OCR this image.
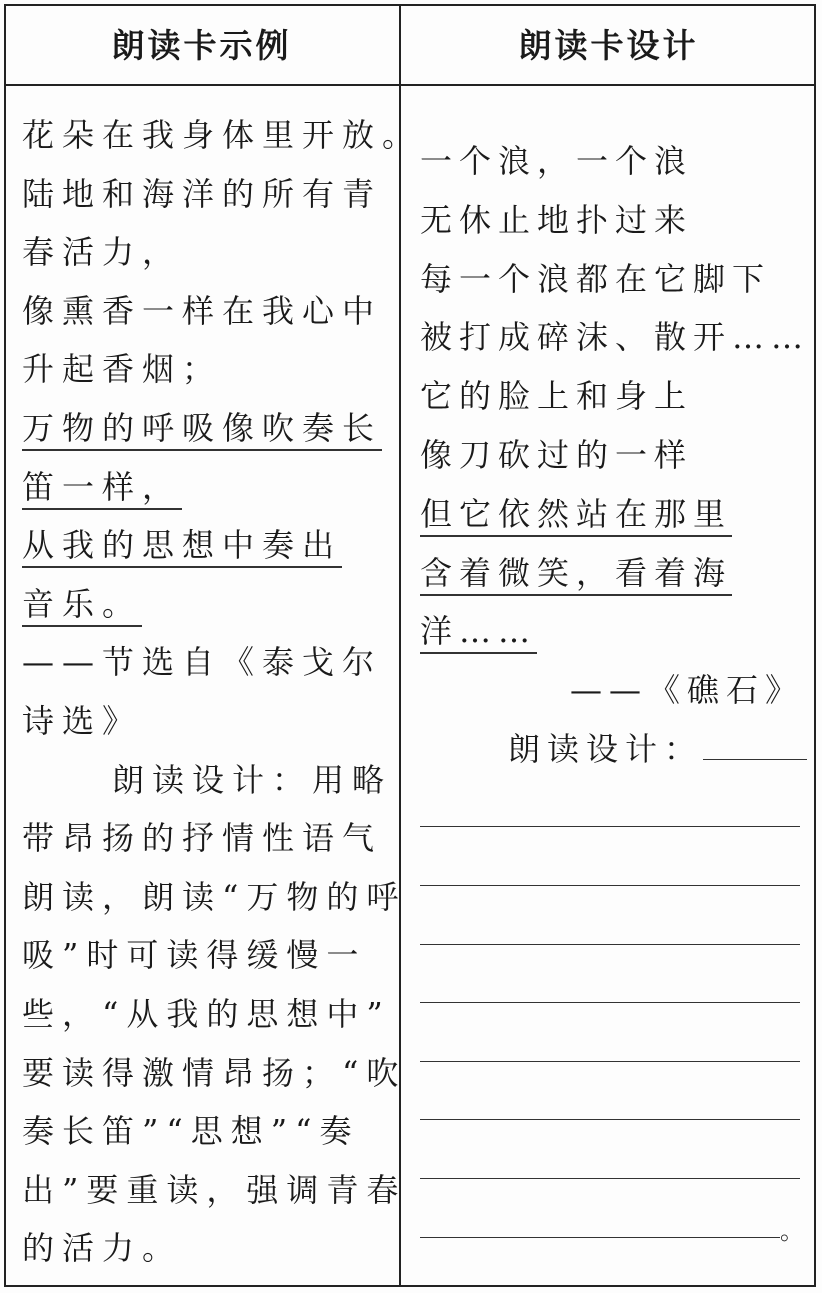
朗读卡示例	朗读卡设计
花朵在我身体里开放。
陆地和海洋的所有青
春活力，
像熏香一样在我心中
升起香烟；
万物的呼吸像吹奏长
笛一样，
从我的思想中奏出
音乐。
——节选自《泰戈尔
诗选》
朗读设计：用略
带昂扬的抒情性语气
朗读，朗读“万物的呼
吸”时可读得缓慢一
些，“从我的思想中”
要读得激情昂扬；“吹
奏长笛”“思想”“奏
出”要重读，强调青春
的活力。
一个浪，一个浪
无休止地扑过来
每一个浪都在它脚下
被打成碎沫、散开……
它的脸上和身上
像刀砍过的一样
但它依然站在那里
含着微笑，看着海
洋……
——《礁石》
朗读设计：
。
